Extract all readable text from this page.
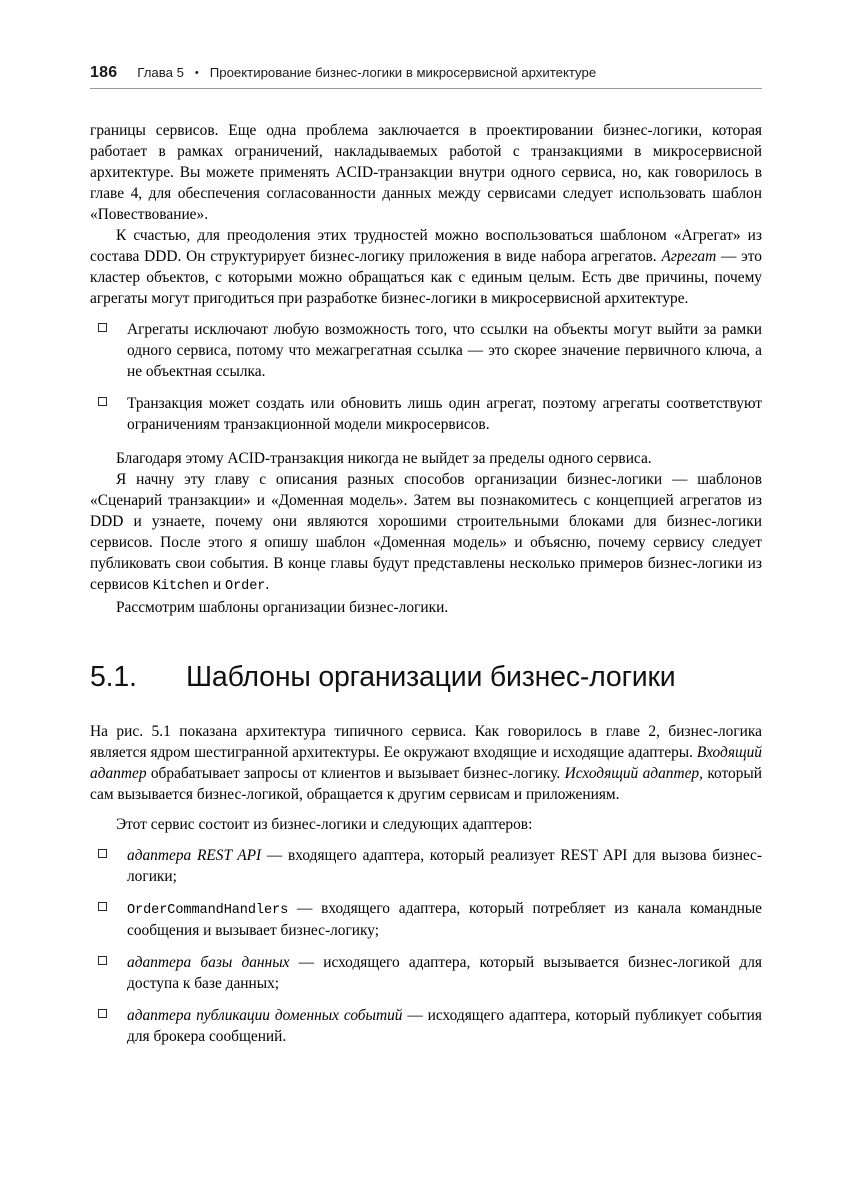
186 Глава 5 • Проектирование бизнес-логики в микросервисной архитектуре

границы сервисов. Еще одна проблема заключается в проектировании бизнес-логики, которая работает в рамках ограничений, накладываемых работой с транзакциями в микросервисной архитектуре. Вы можете применять ACID-транзакции внутри одного сервиса, но, как говорилось в главе 4, для обеспечения согласованности данных между сервисами следует использовать шаблон «Повествование».

К счастью, для преодоления этих трудностей можно воспользоваться шаблоном «Агрегат» из состава DDD. Он структурирует бизнес-логику приложения в виде набора агрегатов. Агрегат — это кластер объектов, с которыми можно обращаться как с единым целым. Есть две причины, почему агрегаты могут пригодиться при разработке бизнес-логики в микросервисной архитектуре.

Агрегаты исключают любую возможность того, что ссылки на объекты могут выйти за рамки одного сервиса, потому что межагрегатная ссылка — это скорее значение первичного ключа, а не объектная ссылка.
Транзакция может создать или обновить лишь один агрегат, поэтому агрегаты соответствуют ограничениям транзакционной модели микросервисов.

Благодаря этому ACID-транзакция никогда не выйдет за пределы одного сервиса.

Я начну эту главу с описания разных способов организации бизнес-логики — шаблонов «Сценарий транзакции» и «Доменная модель». Затем вы познакомитесь с концепцией агрегатов из DDD и узнаете, почему они являются хорошими строительными блоками для бизнес-логики сервисов. После этого я опишу шаблон «Доменная модель» и объясню, почему сервису следует публиковать свои события. В конце главы будут представлены несколько примеров бизнес-логики из сервисов Kitchen и Order.

Рассмотрим шаблоны организации бизнес-логики.

5.1.	Шаблоны организации бизнес-логики

На рис. 5.1 показана архитектура типичного сервиса. Как говорилось в главе 2, бизнес-логика является ядром шестигранной архитектуры. Ее окружают входящие и исходящие адаптеры. Входящий адаптер обрабатывает запросы от клиентов и вызывает бизнес-логику. Исходящий адаптер, который сам вызывается бизнес-логикой, обращается к другим сервисам и приложениям.

Этот сервис состоит из бизнес-логики и следующих адаптеров:

адаптера REST API — входящего адаптера, который реализует REST API для вызова бизнес-логики;
OrderCommandHandlers — входящего адаптера, который потребляет из канала командные сообщения и вызывает бизнес-логику;
адаптера базы данных — исходящего адаптера, который вызывается бизнес-логикой для доступа к базе данных;
адаптера публикации доменных событий — исходящего адаптера, который публикует события для брокера сообщений.
